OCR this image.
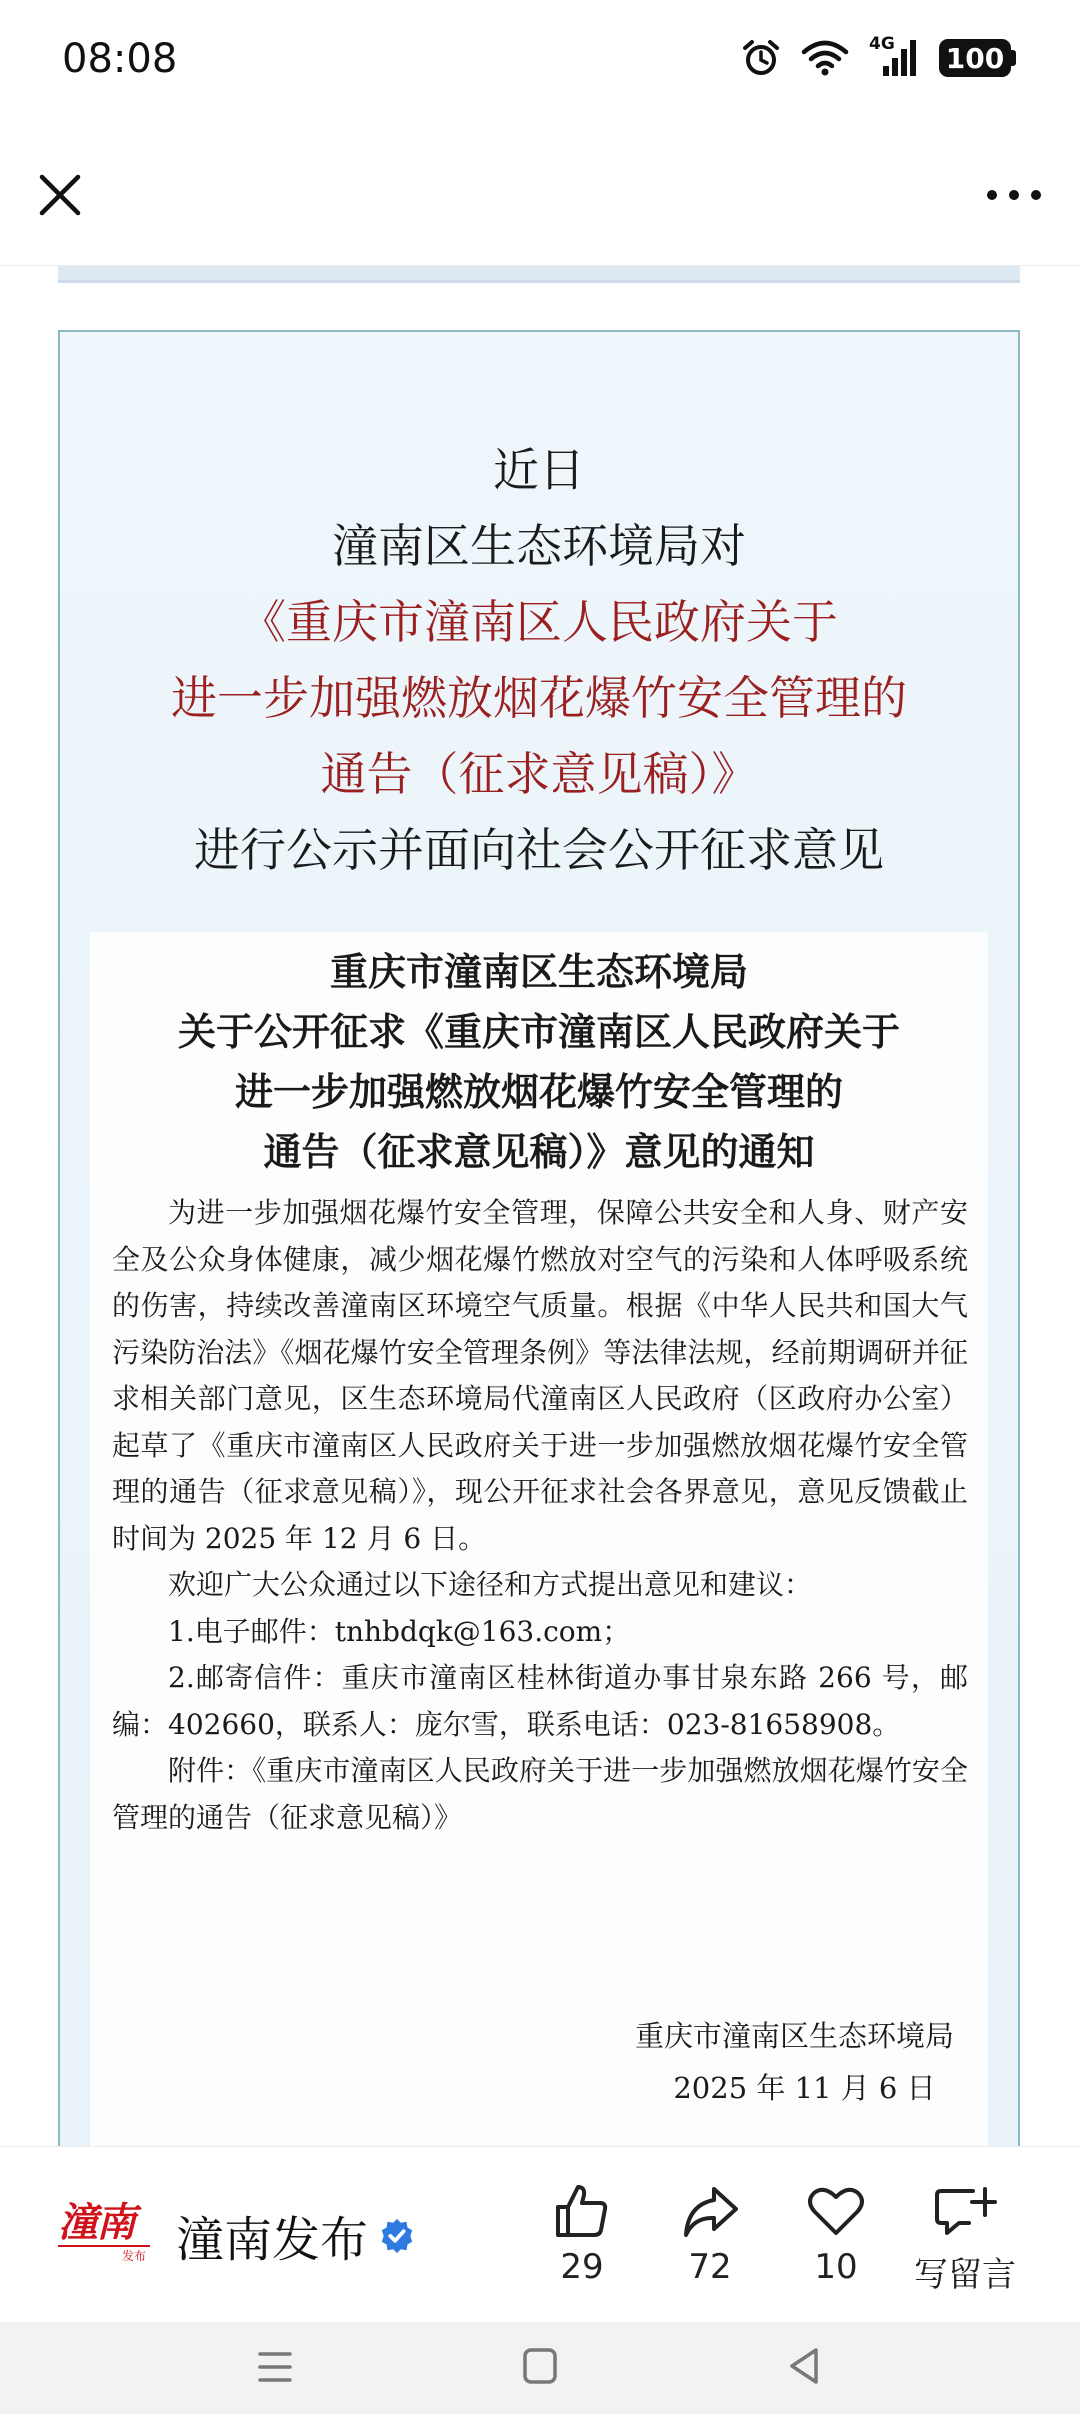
08:08	4G 100
近日
潼南区生态环境局对
《重庆市潼南区人民政府关于
进一步加强燃放烟花爆竹安全管理的
通告（征求意见稿）》
进行公示并面向社会公开征求意见
重庆市潼南区生态环境局
关于公开征求《重庆市潼南区人民政府关于
进一步加强燃放烟花爆竹安全管理的
通告（征求意见稿）》意见的通知

为进一步加强烟花爆竹安全管理，保障公共安全和人身、财产安全及公众身体健康，减少烟花爆竹燃放对空气的污染和人体呼吸系统的伤害，持续改善潼南区环境空气质量。根据《中华人民共和国大气污染防治法》《烟花爆竹安全管理条例》等法律法规，经前期调研并征求相关部门意见，区生态环境局代潼南区人民政府（区政府办公室）起草了《重庆市潼南区人民政府关于进一步加强燃放烟花爆竹安全管理的通告（征求意见稿）》，现公开征求社会各界意见，意见反馈截止时间为 2025 年 12 月 6 日。

欢迎广大公众通过以下途径和方式提出意见和建议：

1.电子邮件：tnhbdqk@163.com；

2.邮寄信件：重庆市潼南区桂林街道办事甘泉东路 266 号，邮编：402660，联系人：庞尔雪，联系电话：023-81658908。

附件：《重庆市潼南区人民政府关于进一步加强燃放烟花爆竹安全管理的通告（征求意见稿）》

重庆市潼南区生态环境局
2025 年 11 月 6 日
潼南
发布 潼南发布	29	72	10	写留言
